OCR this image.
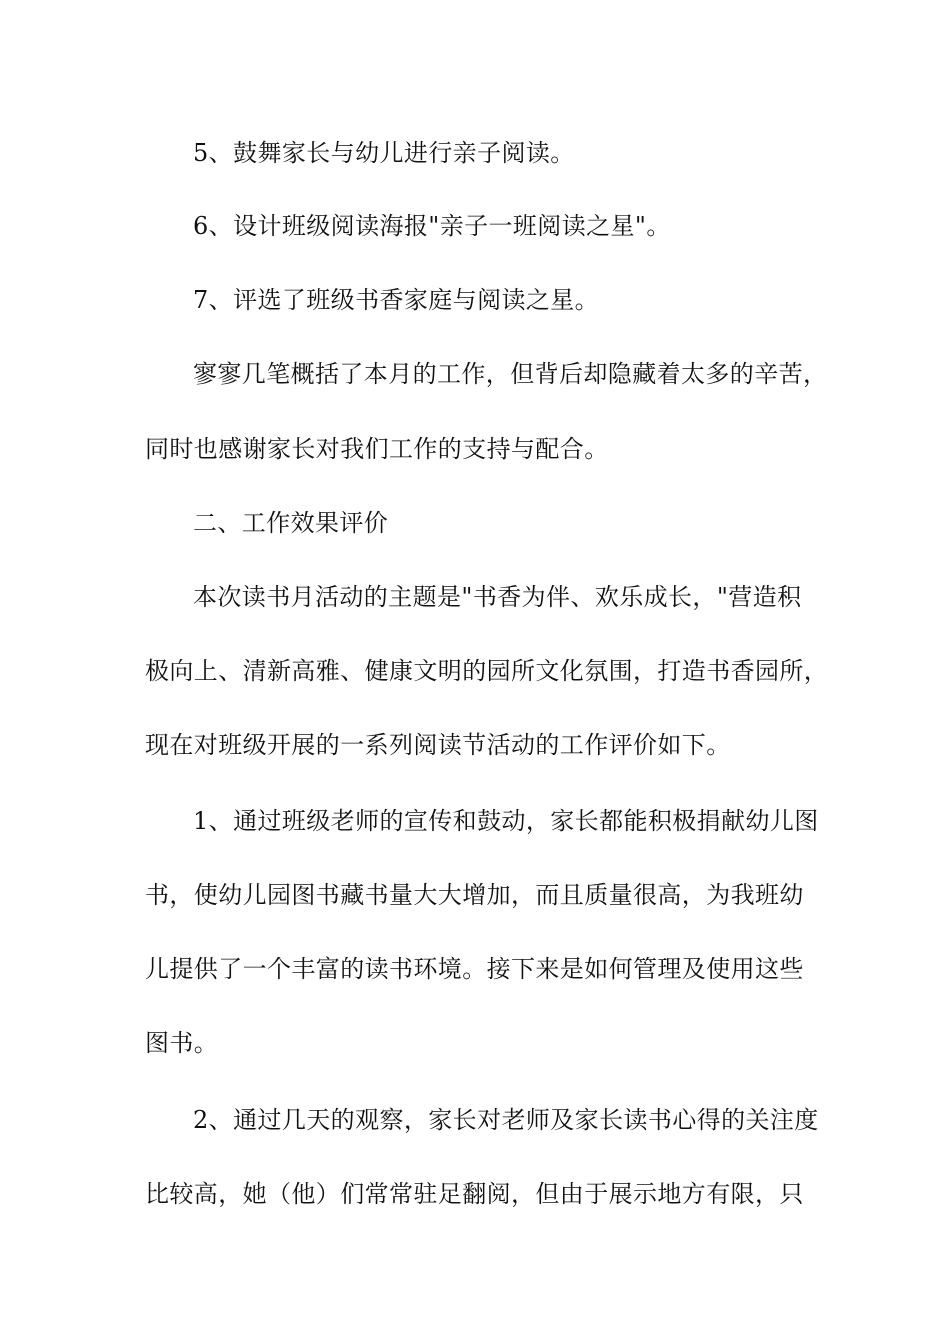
5、鼓舞家长与幼儿进行亲子阅读。
6、设计班级阅读海报"亲子一班阅读之星"。
7、评选了班级书香家庭与阅读之星。
寥寥几笔概括了本月的工作，但背后却隐藏着太多的辛苦，
同时也感谢家长对我们工作的支持与配合。
二、工作效果评价
本次读书月活动的主题是"书香为伴、欢乐成长，"营造积
极向上、清新高雅、健康文明的园所文化氛围，打造书香园所，
现在对班级开展的一系列阅读节活动的工作评价如下。
1、通过班级老师的宣传和鼓动，家长都能积极捐献幼儿图
书，使幼儿园图书藏书量大大增加，而且质量很高，为我班幼
儿提供了一个丰富的读书环境。接下来是如何管理及使用这些
图书。
2、通过几天的观察，家长对老师及家长读书心得的关注度
比较高，她（他）们常常驻足翻阅，但由于展示地方有限，只
